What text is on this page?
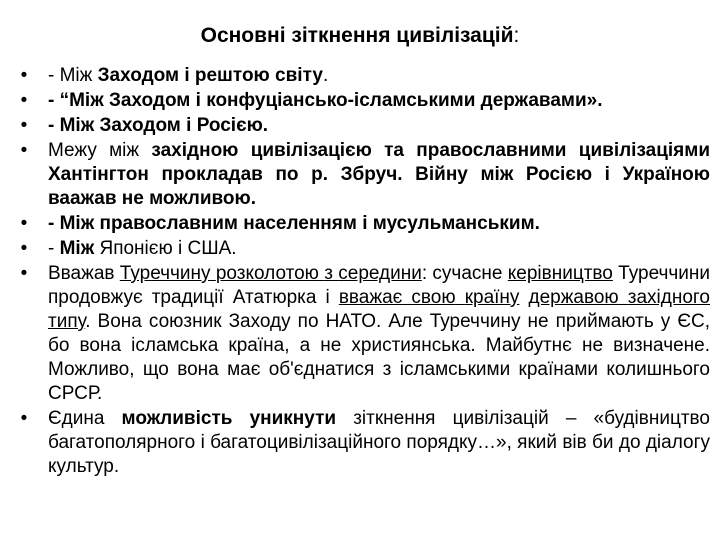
Основні зіткнення цивілізацій:
•	- Між Заходом і рештою світу.
•	- “Між Заходом і конфуціансько-ісламськими державами».
•	- Між Заходом і Росією.
•	Межу між західною цивілізацією та православними цивілізаціями Хантінгтон прокладав по р. Збруч. Війну між Росією і Україною ваажав не можливою.
•	- Між православним населенням і мусульманським.
•	- Між Японією і США.
•	Вважав Туреччину розколотою з середини: сучасне керівництво Туреччини продовжує традиції Ататюрка і вважає свою країну державою західного типу. Вона союзник Заходу по НАТО. Але Туреччину не приймають у ЄС, бо вона ісламська країна, а не християнська. Майбутнє не визначене. Можливо, що вона має об'єднатися з ісламськими країнами колишнього СРСР.
•	Єдина можливість уникнути зіткнення цивілізацій – «будівництво багатополярного і багатоцивілізаційного порядку…», який вів би до діалогу культур.
